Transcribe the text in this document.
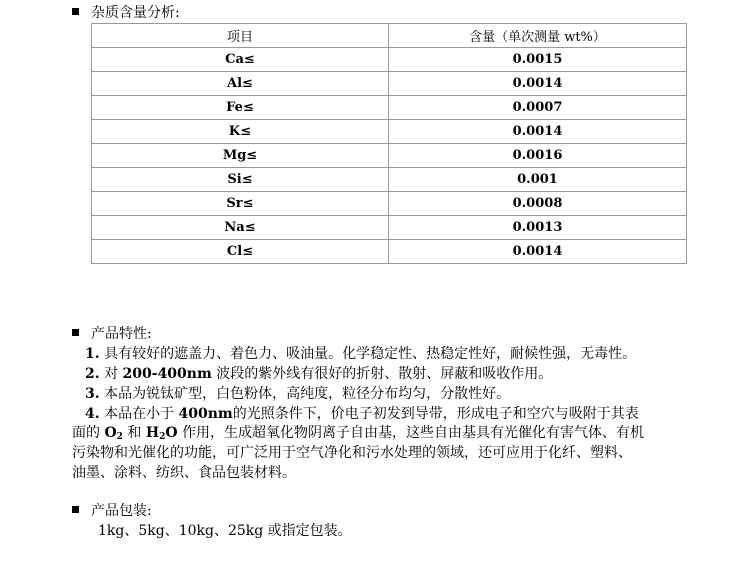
杂质含量分析:
项目	含量（单次测量 wt%）
Ca≤	0.0015
Al≤	0.0014
Fe≤	0.0007
K≤	0.0014
Mg≤	0.0016
Si≤	0.001
Sr≤	0.0008
Na≤	0.0013
Cl≤	0.0014
产品特性:
1. 具有较好的遮盖力、着色力、吸油量。化学稳定性、热稳定性好，耐候性强，无毒性。
2. 对 200-400nm 波段的紫外线有很好的折射、散射、屏蔽和吸收作用。
3. 本品为锐钛矿型，白色粉体，高纯度，粒径分布均匀，分散性好。
4. 本品在小于 400nm的光照条件下，价电子初发到导带，形成电子和空穴与吸附于其表
面的 $O_2$ 和 $H_2O$ 作用，生成超氧化物阴离子自由基，这些自由基具有光催化有害气体、有机
污染物和光催化的功能，可广泛用于空气净化和污水处理的领域，还可应用于化纤、塑料、
油墨、涂料、纺织、食品包装材料。
产品包装:
1kg、5kg、10kg、25kg 或指定包装。
